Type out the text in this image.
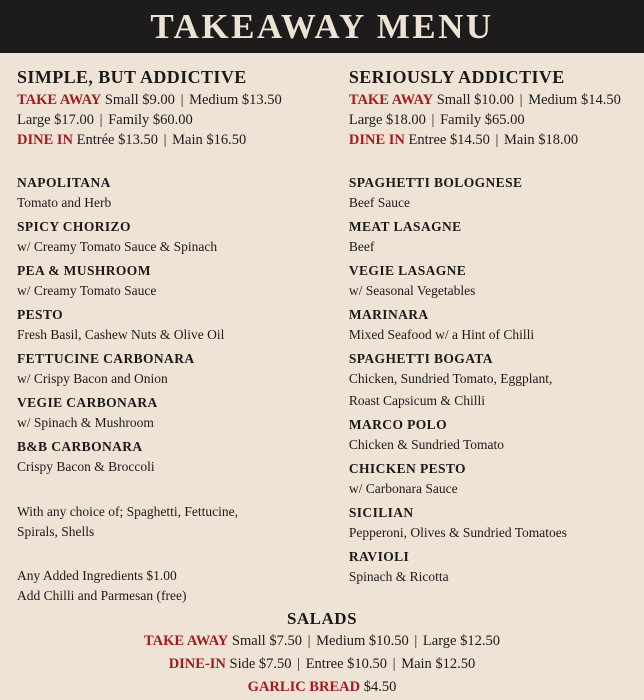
TAKEAWAY MENU
SIMPLE, BUT ADDICTIVE
TAKE AWAY Small $9.00 | Medium $13.50
Large $17.00 | Family $60.00
DINE IN Entrée $13.50 | Main $16.50
NAPOLITANA
Tomato and Herb
SPICY CHORIZO
w/ Creamy Tomato Sauce & Spinach
PEA & MUSHROOM
w/ Creamy Tomato Sauce
PESTO
Fresh Basil, Cashew Nuts & Olive Oil
FETTUCINE CARBONARA
w/ Crispy Bacon and Onion
VEGIE CARBONARA
w/ Spinach & Mushroom
B&B CARBONARA
Crispy Bacon & Broccoli
With any choice of; Spaghetti, Fettucine,
Spirals, Shells
Any Added Ingredients $1.00
Add Chilli and Parmesan (free)
SERIOUSLY ADDICTIVE
TAKE AWAY Small $10.00 | Medium $14.50
Large $18.00 | Family $65.00
DINE IN Entree $14.50 | Main $18.00
SPAGHETTI BOLOGNESE
Beef Sauce
MEAT LASAGNE
Beef
VEGIE LASAGNE
w/ Seasonal Vegetables
MARINARA
Mixed Seafood w/ a Hint of Chilli
SPAGHETTI BOGATA
Chicken, Sundried Tomato, Eggplant,
Roast Capsicum & Chilli
MARCO POLO
Chicken & Sundried Tomato
CHICKEN PESTO
w/ Carbonara Sauce
SICILIAN
Pepperoni, Olives & Sundried Tomatoes
RAVIOLI
Spinach & Ricotta
SALADS
TAKE AWAY Small $7.50 | Medium $10.50 | Large $12.50
DINE-IN Side $7.50 | Entree $10.50 | Main $12.50
GARLIC BREAD $4.50
